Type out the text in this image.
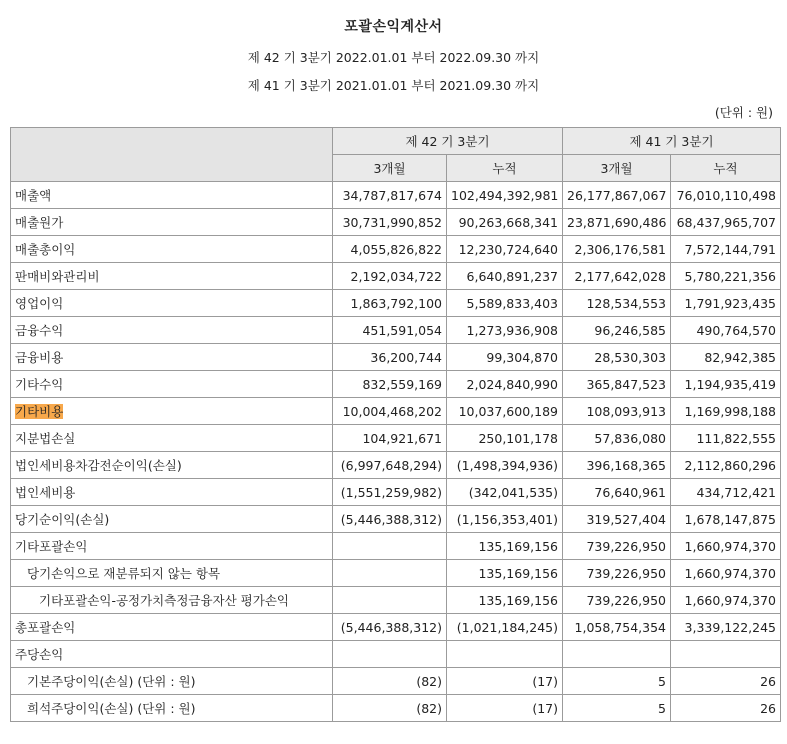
포괄손익계산서
제 42 기 3분기 2022.01.01 부터 2022.09.30 까지
제 41 기 3분기 2021.01.01 부터 2021.09.30 까지
(단위 : 원)
	제 42 기 3분기		제 41 기 3분기	
	3개월	누적	3개월	누적
매출액	34,787,817,674	102,494,392,981	26,177,867,067	76,010,110,498
매출원가	30,731,990,852	90,263,668,341	23,871,690,486	68,437,965,707
매출총이익	4,055,826,822	12,230,724,640	2,306,176,581	7,572,144,791
판매비와관리비	2,192,034,722	6,640,891,237	2,177,642,028	5,780,221,356
영업이익	1,863,792,100	5,589,833,403	128,534,553	1,791,923,435
금융수익	451,591,054	1,273,936,908	96,246,585	490,764,570
금융비용	36,200,744	99,304,870	28,530,303	82,942,385
기타수익	832,559,169	2,024,840,990	365,847,523	1,194,935,419
기타비용	10,004,468,202	10,037,600,189	108,093,913	1,169,998,188
지분법손실	104,921,671	250,101,178	57,836,080	111,822,555
법인세비용차감전순이익(손실)	(6,997,648,294)	(1,498,394,936)	396,168,365	2,112,860,296
법인세비용	(1,551,259,982)	(342,041,535)	76,640,961	434,712,421
당기순이익(손실)	(5,446,388,312)	(1,156,353,401)	319,527,404	1,678,147,875
기타포괄손익		135,169,156	739,226,950	1,660,974,370
당기손익으로 재분류되지 않는 항목		135,169,156	739,226,950	1,660,974,370
기타포괄손익-공정가치측정금융자산 평가손익		135,169,156	739,226,950	1,660,974,370
총포괄손익	(5,446,388,312)	(1,021,184,245)	1,058,754,354	3,339,122,245
주당손익				
기본주당이익(손실) (단위 : 원)	(82)	(17)	5	26
희석주당이익(손실) (단위 : 원)	(82)	(17)	5	26
